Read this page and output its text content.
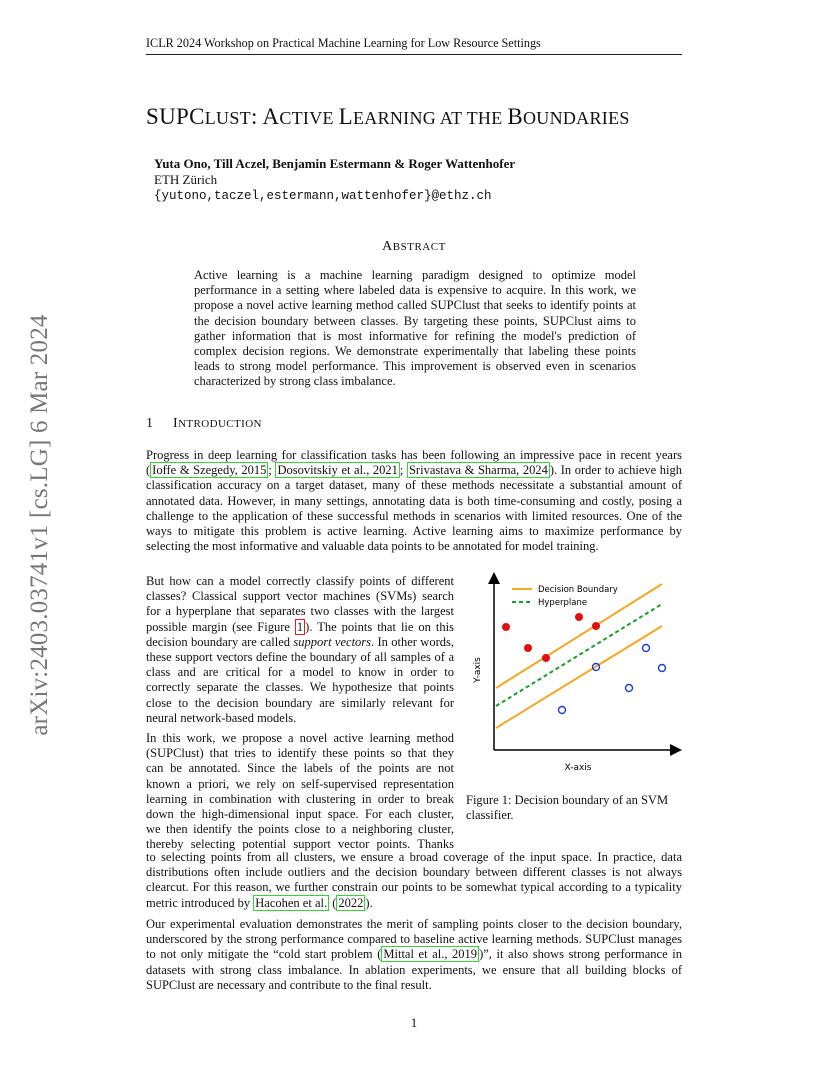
ICLR 2024 Workshop on Practical Machine Learning for Low Resource Settings
arXiv:2403.03741v1 [cs.LG] 6 Mar 2024
SUPCLUST: ACTIVE LEARNING AT THE BOUNDARIES
Yuta Ono, Till Aczel, Benjamin Estermann & Roger Wattenhofer
ETH Zürich
{yutono,taczel,estermann,wattenhofer}@ethz.ch
ABSTRACT
Active learning is a machine learning paradigm designed to optimize model performance in a setting where labeled data is expensive to acquire. In this work, we propose a novel active learning method called SUPClust that seeks to identify points at the decision boundary between classes. By targeting these points, SUPClust aims to gather information that is most informative for refining the model's prediction of complex decision regions. We demonstrate experimentally that labeling these points leads to strong model performance. This improvement is observed even in scenarios characterized by strong class imbalance.
1 INTRODUCTION

Progress in deep learning for classification tasks has been following an impressive pace in recent years ( Ioffe & Szegedy, 2015 ; Dosovitskiy et al., 2021 ; Srivastava & Sharma, 2024 ). In order to achieve high classification accuracy on a target dataset, many of these methods necessitate a substantial amount of annotated data. However, in many settings, annotating data is both time-consuming and costly, posing a challenge to the application of these successful methods in scenarios with limited resources. One of the ways to mitigate this problem is active learning. Active learning aims to maximize performance by selecting the most informative and valuable data points to be annotated for model training.

But how can a model correctly classify points of different classes? Classical support vector machines (SVMs) search for a hyperplane that separates two classes with the largest possible margin (see Figure 1 ). The points that lie on this decision boundary are called support vectors. In other words, these support vectors define the boundary of all samples of a class and are critical for a model to know in order to correctly separate the classes. We hypothesize that points close to the decision boundary are similarly relevant for neural network-based models.

In this work, we propose a novel active learning method
(SUPClust) that tries to identify these points so that they
can be annotated. Since the labels of the points are not
known a priori, we rely on self-supervised representation
learning in combination with clustering in order to break
down the high-dimensional input space. For each cluster,
we then identify the points close to a neighboring cluster,
thereby selecting potential support vector points. Thanks

to selecting points from all clusters, we ensure a broad coverage of the input space. In practice, data distributions often include outliers and the decision boundary between different classes is not always clearcut. For this reason, we further constrain our points to be somewhat typical according to a typicality metric introduced by Hacohen et al. ( 2022 ).

Our experimental evaluation demonstrates the merit of sampling points closer to the decision boundary, underscored by the strong performance compared to baseline active learning methods. SUPClust manages to not only mitigate the “cold start problem ( Mittal et al., 2019 )”, it also shows strong performance in datasets with strong class imbalance. In ablation experiments, we ensure that all building blocks of SUPClust are necessary and contribute to the final result.

X-axis
Y-axis
Decision Boundary
Hyperplane
Figure 1: Decision boundary of an SVM classifier.
1
